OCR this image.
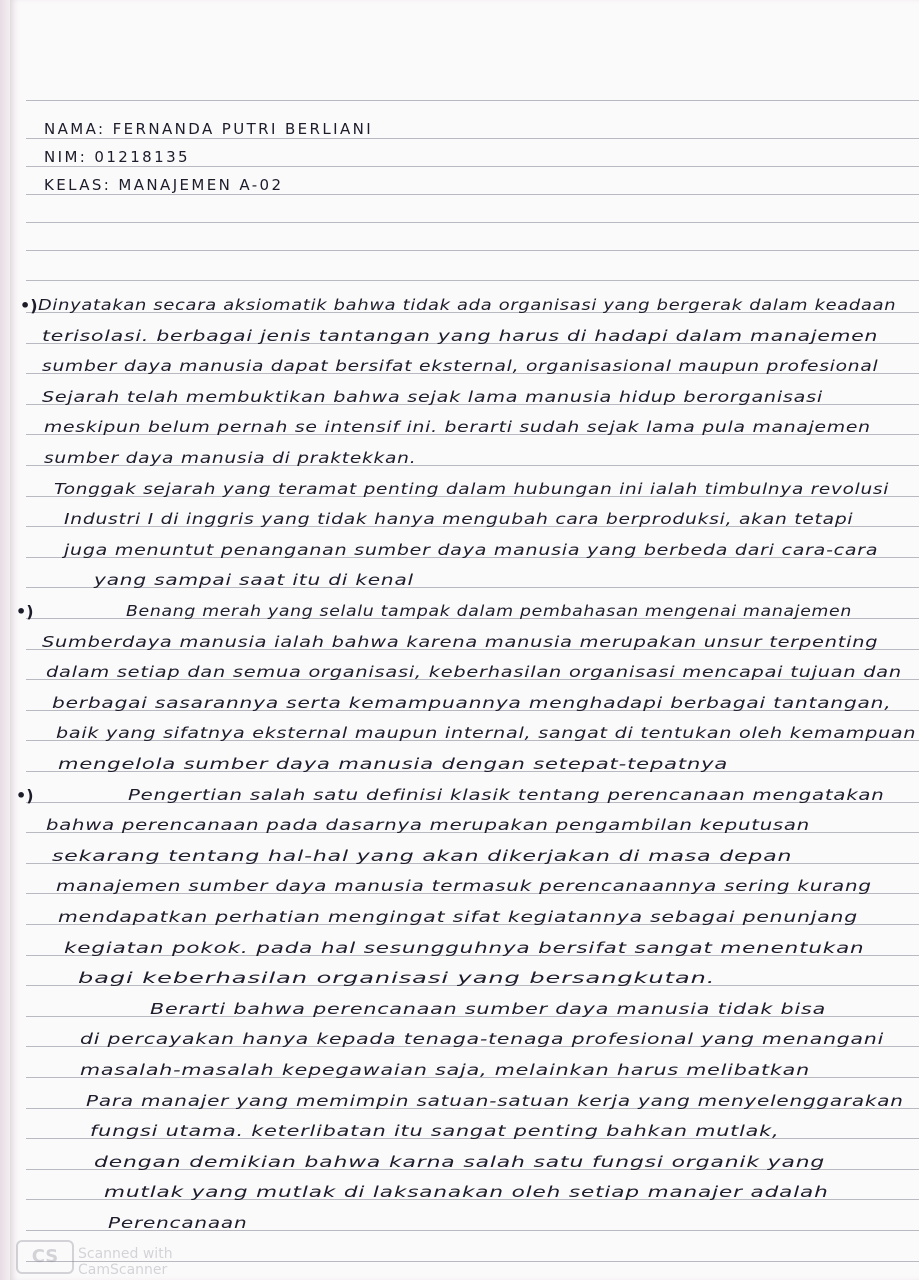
NAMA: FERNANDA PUTRI BERLIANI
NIM: 01218135
KELAS: MANAJEMEN A-02
•)
•)
•)
Dinyatakan secara aksiomatik bahwa tidak ada organisasi yang bergerak dalam keadaan
terisolasi. berbagai jenis tantangan yang harus di hadapi dalam manajemen
sumber daya manusia dapat bersifat eksternal, organisasional maupun profesional
Sejarah telah membuktikan bahwa sejak lama manusia hidup berorganisasi
meskipun belum pernah se intensif ini. berarti sudah sejak lama pula manajemen
sumber daya manusia di praktekkan.
Tonggak sejarah yang teramat penting dalam hubungan ini ialah timbulnya revolusi
Industri I di inggris yang tidak hanya mengubah cara berproduksi, akan tetapi
juga menuntut penanganan sumber daya manusia yang berbeda dari cara-cara
yang sampai saat itu di kenal
Benang merah yang selalu tampak dalam pembahasan mengenai manajemen
Sumberdaya manusia ialah bahwa karena manusia merupakan unsur terpenting
dalam setiap dan semua organisasi, keberhasilan organisasi mencapai tujuan dan
berbagai sasarannya serta kemampuannya menghadapi berbagai tantangan,
baik yang sifatnya eksternal maupun internal, sangat di tentukan oleh kemampuan
mengelola sumber daya manusia dengan setepat-tepatnya
Pengertian salah satu definisi klasik tentang perencanaan mengatakan
bahwa perencanaan pada dasarnya merupakan pengambilan keputusan
sekarang tentang hal-hal yang akan dikerjakan di masa depan
manajemen sumber daya manusia termasuk perencanaannya sering kurang
mendapatkan perhatian mengingat sifat kegiatannya sebagai penunjang
kegiatan pokok. pada hal sesungguhnya bersifat sangat menentukan
bagi keberhasilan organisasi yang bersangkutan.
Berarti bahwa perencanaan sumber daya manusia tidak bisa
di percayakan hanya kepada tenaga-tenaga profesional yang menangani
masalah-masalah kepegawaian saja, melainkan harus melibatkan
Para manajer yang memimpin satuan-satuan kerja yang menyelenggarakan
fungsi utama. keterlibatan itu sangat penting bahkan mutlak,
dengan demikian bahwa karna salah satu fungsi organik yang
mutlak yang mutlak di laksanakan oleh setiap manajer adalah
Perencanaan
CS	Scanned with CamScanner
